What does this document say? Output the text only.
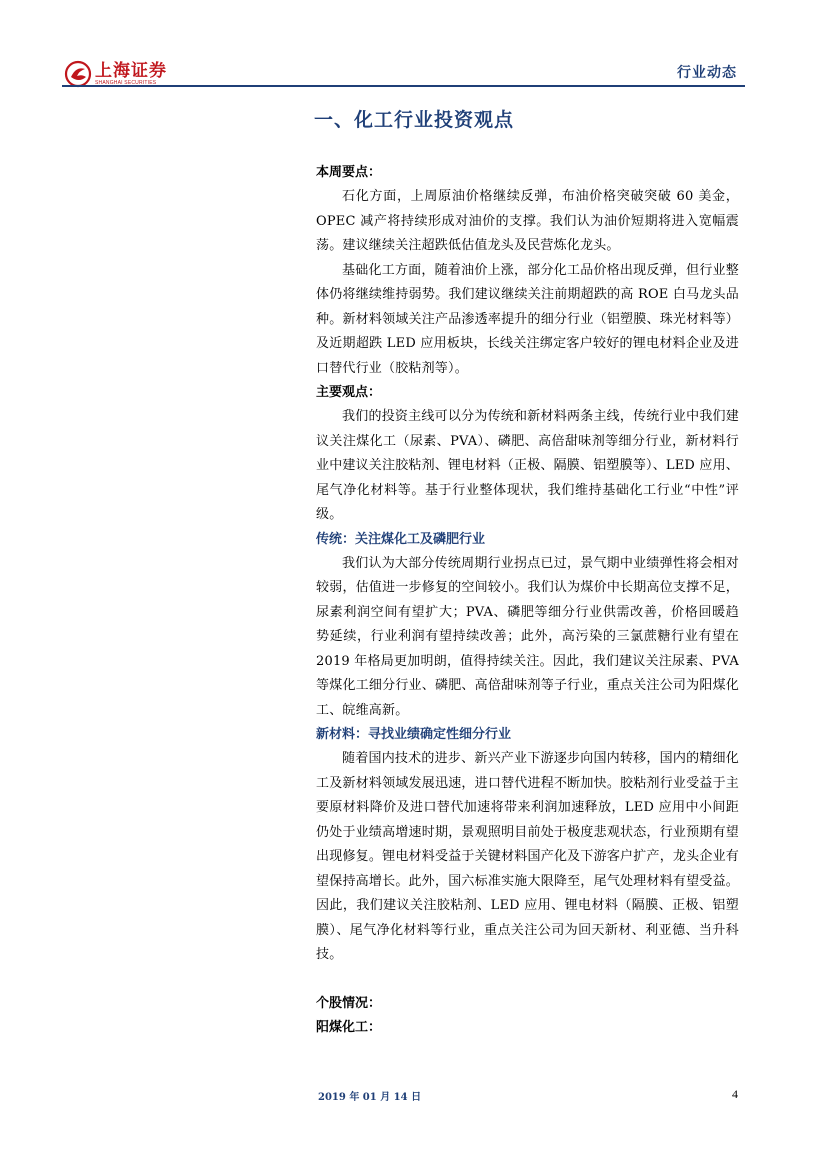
上海证券
SHANGHAI SECURITIES
行业动态
一、化工行业投资观点
本周要点：
石化方面，上周原油价格继续反弹，布油价格突破突破 60 美金，OPEC 减产将持续形成对油价的支撑。我们认为油价短期将进入宽幅震荡。建议继续关注超跌低估值龙头及民营炼化龙头。
基础化工方面，随着油价上涨，部分化工品价格出现反弹，但行业整体仍将继续维持弱势。我们建议继续关注前期超跌的高 ROE 白马龙头品种。新材料领域关注产品渗透率提升的细分行业（铝塑膜、珠光材料等）及近期超跌 LED 应用板块，长线关注绑定客户较好的锂电材料企业及进口替代行业（胶粘剂等）。
主要观点：
我们的投资主线可以分为传统和新材料两条主线，传统行业中我们建议关注煤化工（尿素、PVA）、磷肥、高倍甜味剂等细分行业，新材料行业中建议关注胶粘剂、锂电材料（正极、隔膜、铝塑膜等）、LED 应用、尾气净化材料等。基于行业整体现状，我们维持基础化工行业“中性”评级。
传统：关注煤化工及磷肥行业
我们认为大部分传统周期行业拐点已过，景气期中业绩弹性将会相对较弱，估值进一步修复的空间较小。我们认为煤价中长期高位支撑不足，尿素利润空间有望扩大；PVA、磷肥等细分行业供需改善，价格回暖趋势延续，行业利润有望持续改善；此外，高污染的三氯蔗糖行业有望在 2019 年格局更加明朗，值得持续关注。因此，我们建议关注尿素、PVA 等煤化工细分行业、磷肥、高倍甜味剂等子行业，重点关注公司为阳煤化工、皖维高新。
新材料：寻找业绩确定性细分行业
随着国内技术的进步、新兴产业下游逐步向国内转移，国内的精细化工及新材料领域发展迅速，进口替代进程不断加快。胶粘剂行业受益于主要原材料降价及进口替代加速将带来利润加速释放，LED 应用中小间距仍处于业绩高增速时期，景观照明目前处于极度悲观状态，行业预期有望出现修复。锂电材料受益于关键材料国产化及下游客户扩产，龙头企业有望保持高增长。此外，国六标准实施大限降至，尾气处理材料有望受益。因此，我们建议关注胶粘剂、LED 应用、锂电材料（隔膜、正极、铝塑膜）、尾气净化材料等行业，重点关注公司为回天新材、利亚德、当升科技。
个股情况：
阳煤化工：
2019 年 01 月 14 日	4
